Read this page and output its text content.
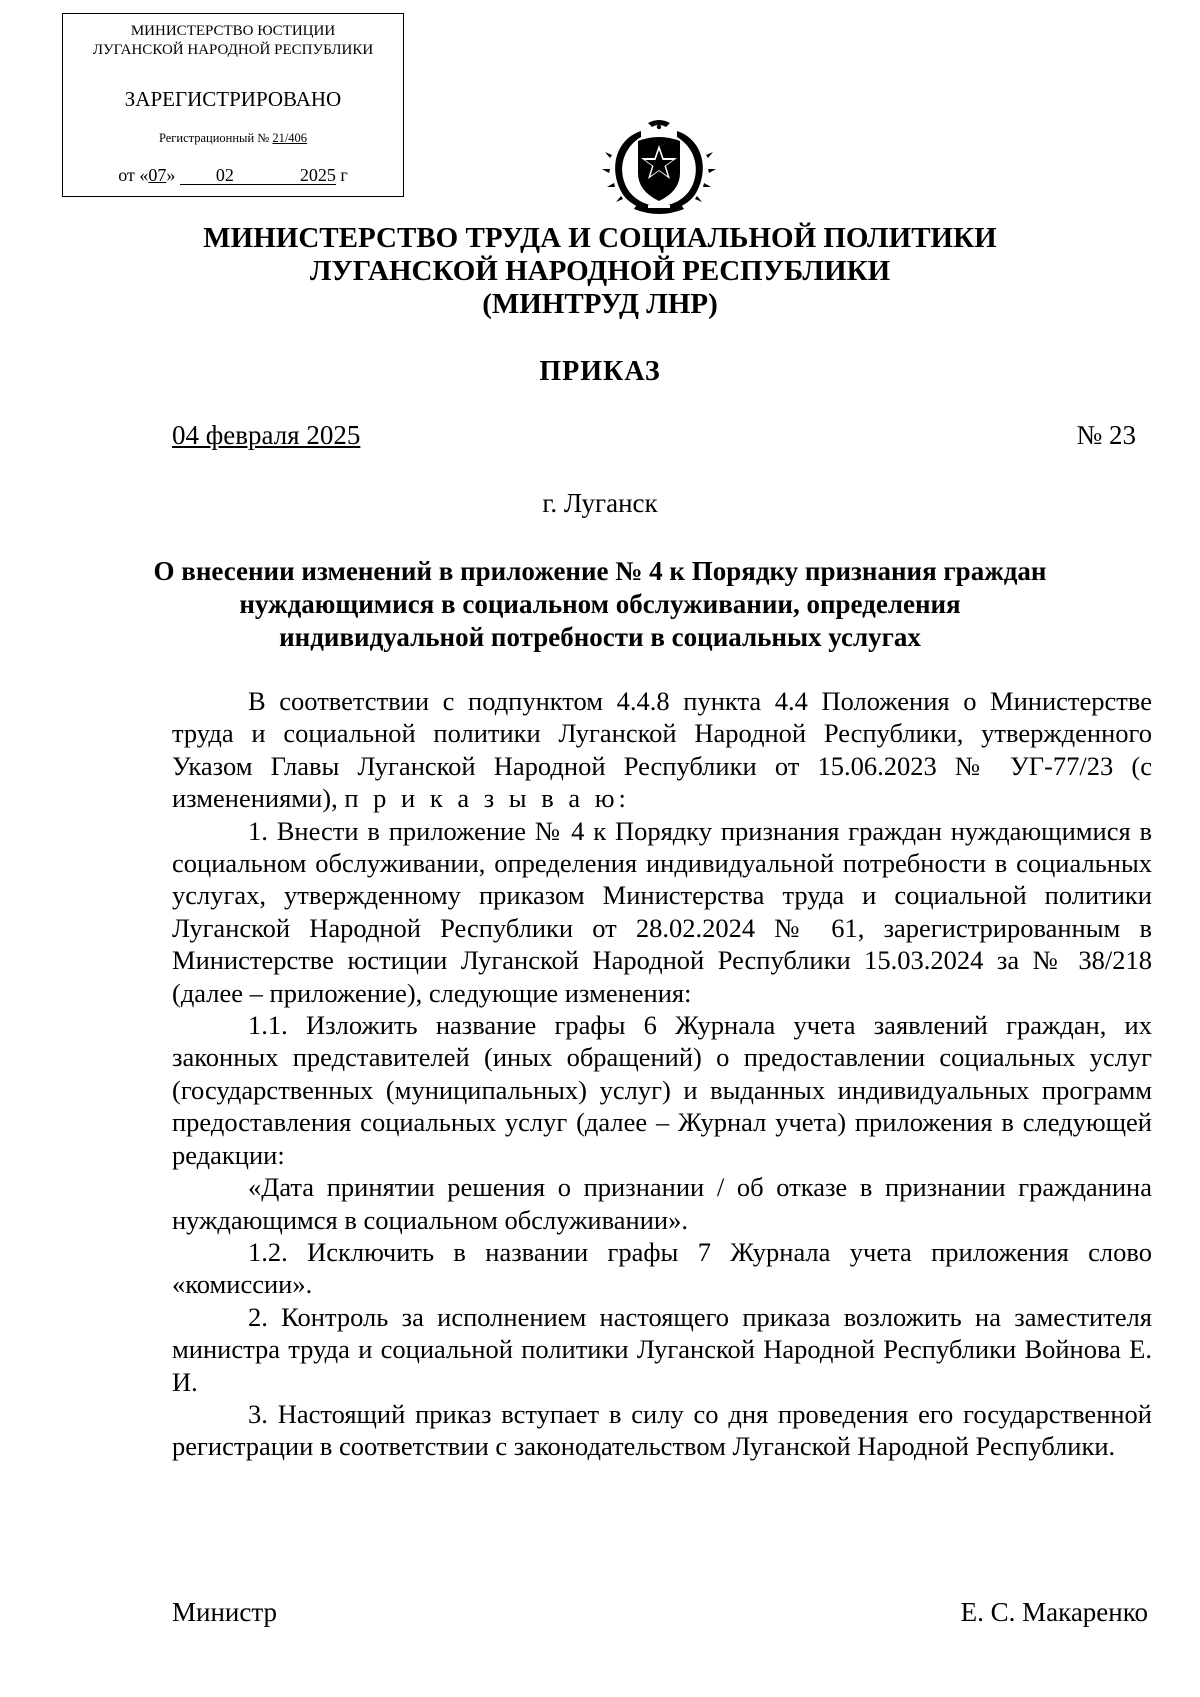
МИНИСТЕРСТВО ЮСТИЦИИ
ЛУГАНСКОЙ НАРОДНОЙ РЕСПУБЛИКИ
ЗАРЕГИСТРИРОВАНО
Регистрационный № 21/406
от «07» 02	2025 г
МИНИСТЕРСТВО ТРУДА И СОЦИАЛЬНОЙ ПОЛИТИКИ
ЛУГАНСКОЙ НАРОДНОЙ РЕСПУБЛИКИ
(МИНТРУД ЛНР)
ПРИКАЗ
04 февраля 2025	№ 23
г. Луганск
О внесении изменений в приложение № 4 к Порядку признания граждан
нуждающимися в социальном обслуживании, определения
индивидуальной потребности в социальных услугах

В соответствии с подпунктом 4.4.8 пункта 4.4 Положения о Министерстве труда и социальной политики Луганской Народной Республики, утвержденного Указом Главы Луганской Народной Республики от 15.06.2023 № УГ-77/23 (с изменениями), п р и к а з ы в а ю:

1. Внести в приложение № 4 к Порядку признания граждан нуждающимися в социальном обслуживании, определения индивидуальной потребности в социальных услугах, утвержденному приказом Министерства труда и социальной политики Луганской Народной Республики от 28.02.2024 № 61, зарегистрированным в Министерстве юстиции Луганской Народной Республики 15.03.2024 за № 38/218 (далее – приложение), следующие изменения:

1.1. Изложить название графы 6 Журнала учета заявлений граждан, их законных представителей (иных обращений) о предоставлении социальных услуг (государственных (муниципальных) услуг) и выданных индивидуальных программ предоставления социальных услуг (далее – Журнал учета) приложения в следующей редакции:

«Дата принятии решения о признании / об отказе в признании гражданина нуждающимся в социальном обслуживании».

1.2. Исключить в названии графы 7 Журнала учета приложения слово «комиссии».

2. Контроль за исполнением настоящего приказа возложить на заместителя министра труда и социальной политики Луганской Народной Республики Войнова Е. И.

3. Настоящий приказ вступает в силу со дня проведения его государственной регистрации в соответствии с законодательством Луганской Народной Республики.

Министр	Е. С. Макаренко
